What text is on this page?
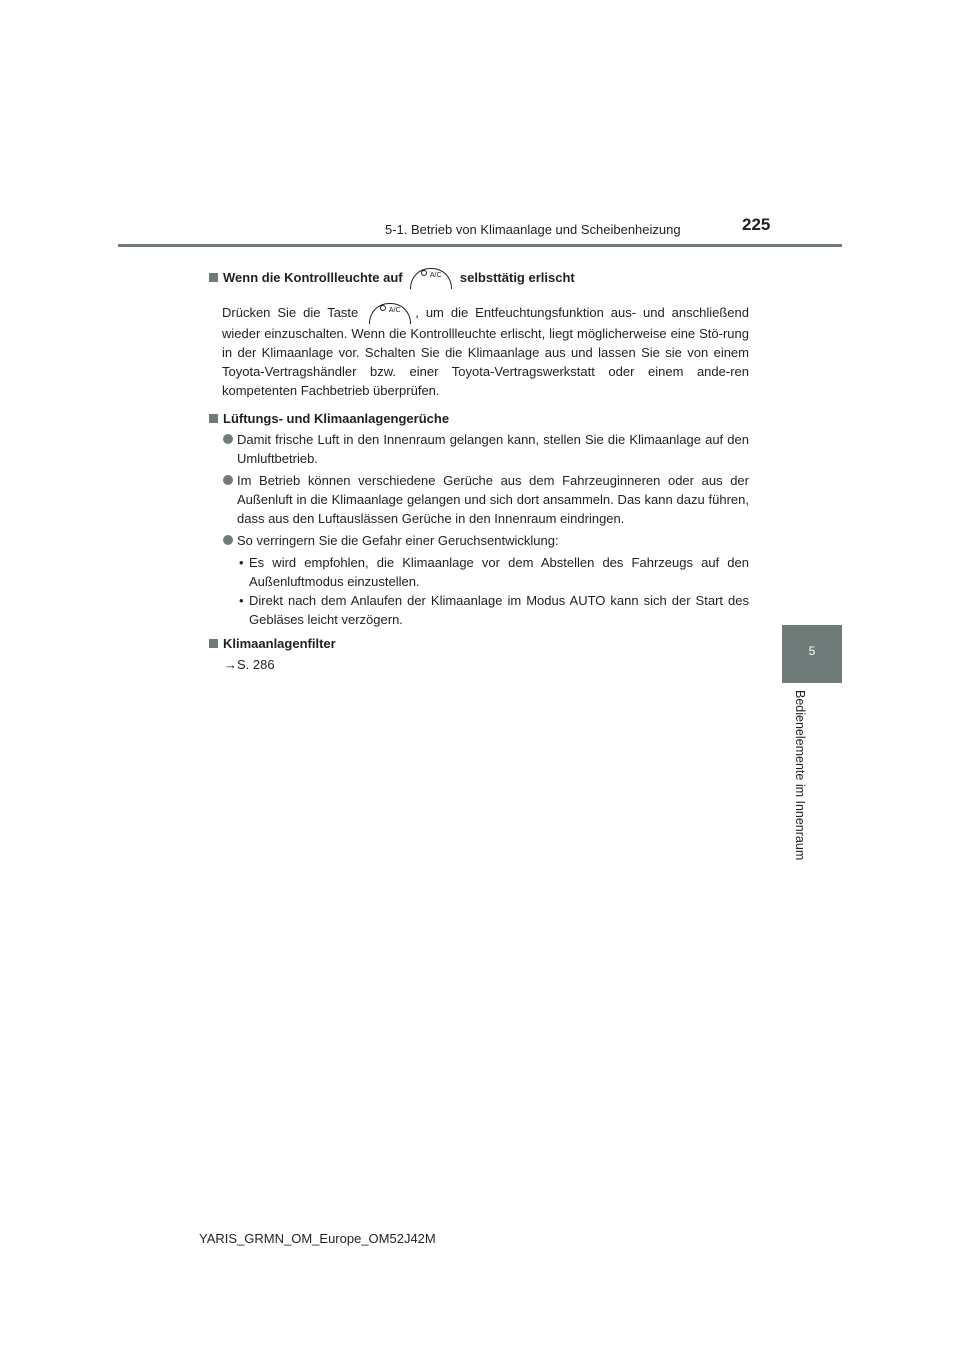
5-1. Betrieb von Klimaanlage und Scheibenheizung	225
5
Bedienelemente im Innenraum
Wenn die Kontrollleuchte auf	A/C	selbsttätig erlischt
Drücken Sie die Taste	A/C	, um die Entfeuchtungsfunktion aus- und anschließend wieder einzuschalten. Wenn die Kontrollleuchte erlischt, liegt möglicherweise eine Stö-rung in der Klimaanlage vor. Schalten Sie die Klimaanlage aus und lassen Sie sie von einem Toyota-Vertragshändler bzw. einer Toyota-Vertragswerkstatt oder einem ande-ren kompetenten Fachbetrieb überprüfen.
Lüftungs- und Klimaanlagengerüche
Damit frische Luft in den Innenraum gelangen kann, stellen Sie die Klimaanlage auf den Umluftbetrieb.
Im Betrieb können verschiedene Gerüche aus dem Fahrzeuginneren oder aus der Außenluft in die Klimaanlage gelangen und sich dort ansammeln. Das kann dazu führen, dass aus den Luftauslässen Gerüche in den Innenraum eindringen.
So verringern Sie die Gefahr einer Geruchsentwicklung:
• Es wird empfohlen, die Klimaanlage vor dem Abstellen des Fahrzeugs auf den Außenluftmodus einzustellen.
• Direkt nach dem Anlaufen der Klimaanlage im Modus AUTO kann sich der Start des Gebläses leicht verzögern.
Klimaanlagenfilter
→S. 286
YARIS_GRMN_OM_Europe_OM52J42M
